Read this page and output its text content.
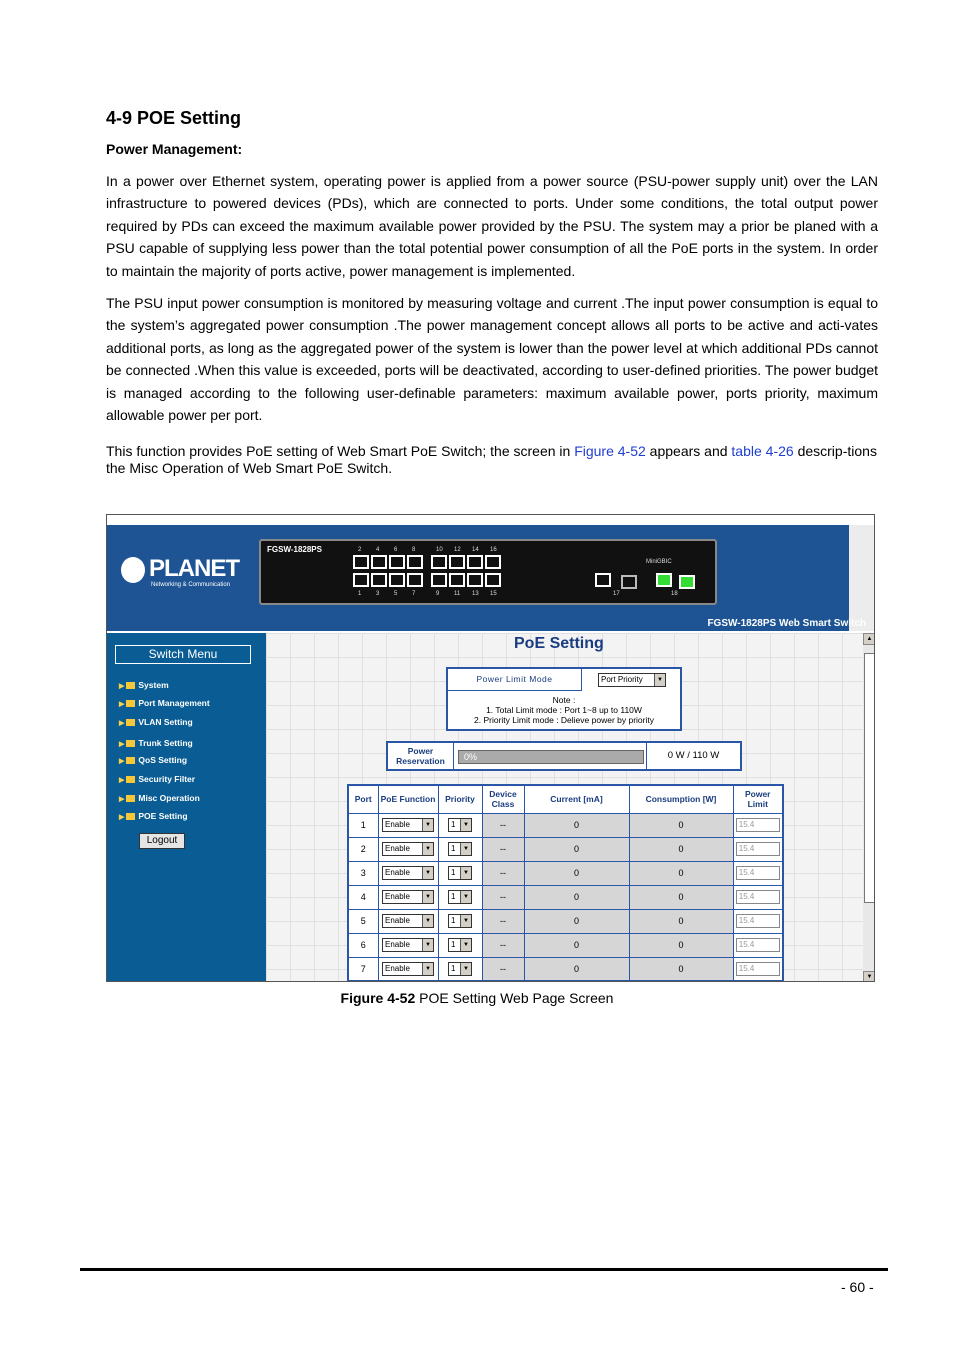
4-9 POE Setting
Power Management:

In a power over Ethernet system, operating power is applied from a power source (PSU-power supply unit) over the LAN infrastructure to powered devices (PDs), which are connected to ports. Under some conditions, the total output power required by PDs can exceed the maximum available power provided by the PSU. The system may a prior be planed with a PSU capable of supplying less power than the total potential power consumption of all the PoE ports in the system. In order to maintain the majority of ports active, power management is implemented.

The PSU input power consumption is monitored by measuring voltage and current .The input power consumption is equal to the system’s aggregated power consumption .The power management concept allows all ports to be active and acti-vates additional ports, as long as the aggregated power of the system is lower than the power level at which additional PDs cannot be connected .When this value is exceeded, ports will be deactivated, according to user-defined priorities. The power budget is managed according to the following user-definable parameters: maximum available power, ports priority, maximum allowable power per port.

This function provides PoE setting of Web Smart PoE Switch; the screen in Figure 4-52 appears and table 4-26 descrip-tions the Misc Operation of Web Smart PoE Switch.

PLANET
Networking & Communication
FGSW-1828PS
MiniGBIC
2
1
4
3
6
5
8
7
10
9
12
11
14
13
16
15	17	18
FGSW-1828PS Web Smart Switch
Switch Menu
▶ System
▶ Port Management
▶ VLAN Setting
▶ Trunk Setting
▶ QoS Setting
▶ Security Filter
▶ Misc Operation
▶ POE Setting
Logout
PoE Setting
Power Limit Mode	Port Priority	▼
Note :
1. Total Limit mode : Port 1~8 up to 110W
2. Priority Limit mode : Delieve power by priority
Power
Reservation	0%	0 W / 110 W
Port	PoE Function	Priority	Device Class	Current [mA]	Consumption [W]	Power Limit
1	Enable ▼	1 ▼	--	0	0	15.4
2	Enable ▼	1 ▼	--	0	0	15.4
3	Enable ▼	1 ▼	--	0	0	15.4
4	Enable ▼	1 ▼	--	0	0	15.4
5	Enable ▼	1 ▼	--	0	0	15.4
6	Enable ▼	1 ▼	--	0	0	15.4
7	Enable ▼	1 ▼	--	0	0	15.4
▲
▼
Figure 4-52 POE Setting Web Page Screen
- 60 -
